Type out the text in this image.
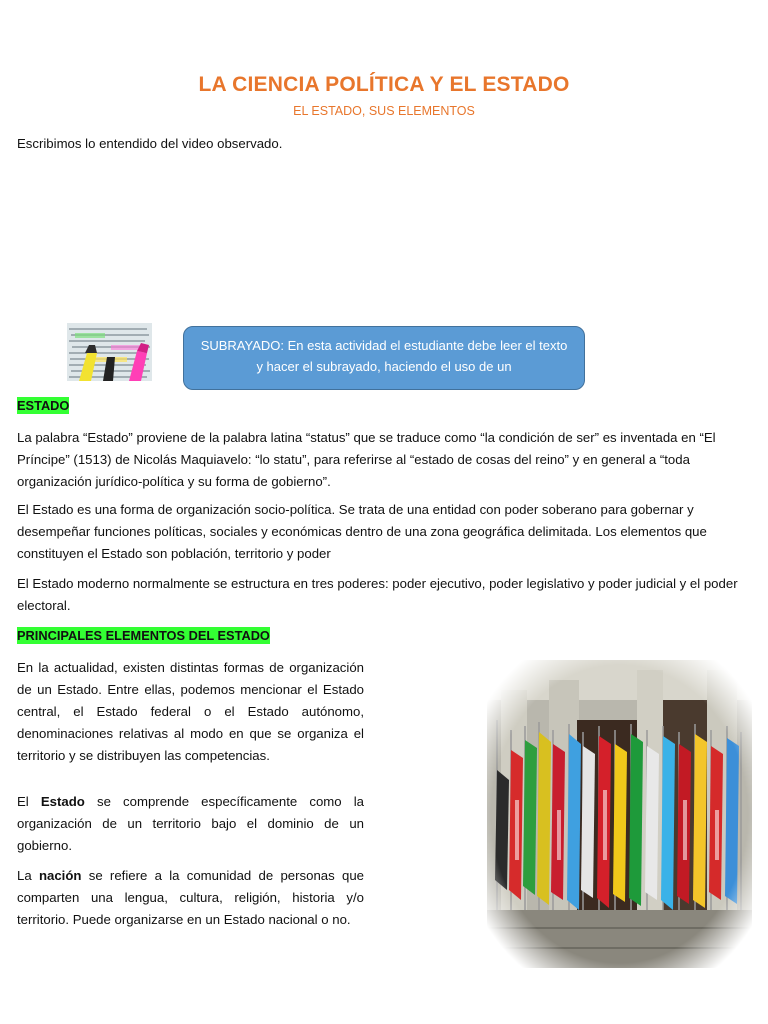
LA CIENCIA POLÍTICA Y EL ESTADO
EL ESTADO, SUS ELEMENTOS
Escribimos lo entendido del video observado.
SUBRAYADO: En esta actividad el estudiante debe leer el texto y hacer el subrayado, haciendo el uso de un
ESTADO
La palabra “Estado” proviene de la palabra latina “status” que se traduce como “la condición de ser” es inventada en “El Príncipe” (1513) de Nicolás Maquiavelo: “lo statu”, para referirse al “estado de cosas del reino” y en general a “toda organización jurídico-política y su forma de gobierno”.
El Estado es una forma de organización socio-política. Se trata de una entidad con poder soberano para gobernar y desempeñar funciones políticas, sociales y económicas dentro de una zona geográfica delimitada. Los elementos que constituyen el Estado son población, territorio y poder
El Estado moderno normalmente se estructura en tres poderes: poder ejecutivo, poder legislativo y poder judicial y el poder electoral.
PRINCIPALES ELEMENTOS DEL ESTADO
En la actualidad, existen distintas formas de organización de un Estado. Entre ellas, podemos mencionar el Estado central, el Estado federal o el Estado autónomo, denominaciones relativas al modo en que se organiza el territorio y se distribuyen las competencias.
El Estado se comprende específicamente como la organización de un territorio bajo el dominio de un gobierno.
La nación se refiere a la comunidad de personas que comparten una lengua, cultura, religión, historia y/o territorio. Puede organizarse en un Estado nacional o no.
